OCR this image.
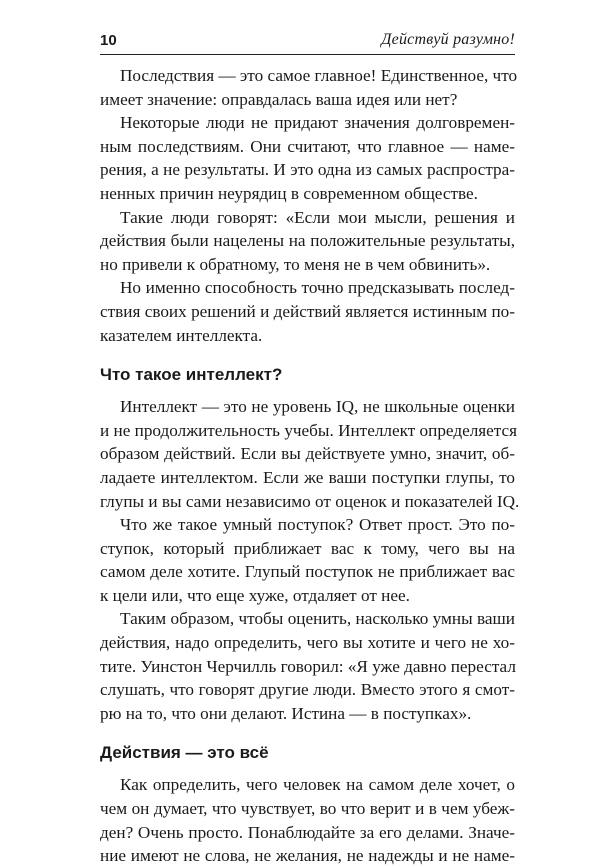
10	Действуй разумно!
Последствия — это самое главное! Единственное, что
имеет значение: оправдалась ваша идея или нет?
Некоторые люди не придают значения долговремен-
ным последствиям. Они считают, что главное — наме-
рения, а не результаты. И это одна из самых распростра-
ненных причин неурядиц в современном обществе.
Такие люди говорят: «Если мои мысли, решения и
действия были нацелены на положительные результаты,
но привели к обратному, то меня не в чем обвинить».
Но именно способность точно предсказывать послед-
ствия своих решений и действий является истинным по-
казателем интеллекта.
Что такое интеллект?
Интеллект — это не уровень IQ, не школьные оценки
и не продолжительность учебы. Интеллект определяется
образом действий. Если вы действуете умно, значит, об-
ладаете интеллектом. Если же ваши поступки глупы, то
глупы и вы сами независимо от оценок и показателей IQ.
Что же такое умный поступок? Ответ прост. Это по-
ступок, который приближает вас к тому, чего вы на
самом деле хотите. Глупый поступок не приближает вас
к цели или, что еще хуже, отдаляет от нее.
Таким образом, чтобы оценить, насколько умны ваши
действия, надо определить, чего вы хотите и чего не хо-
тите. Уинстон Черчилль говорил: «Я уже давно перестал
слушать, что говорят другие люди. Вместо этого я смот-
рю на то, что они делают. Истина — в поступках».
Действия — это всё
Как определить, чего человек на самом деле хочет, о
чем он думает, что чувствует, во что верит и в чем убеж-
ден? Очень просто. Понаблюдайте за его делами. Значе-
ние имеют не слова, не желания, не надежды и не наме-
